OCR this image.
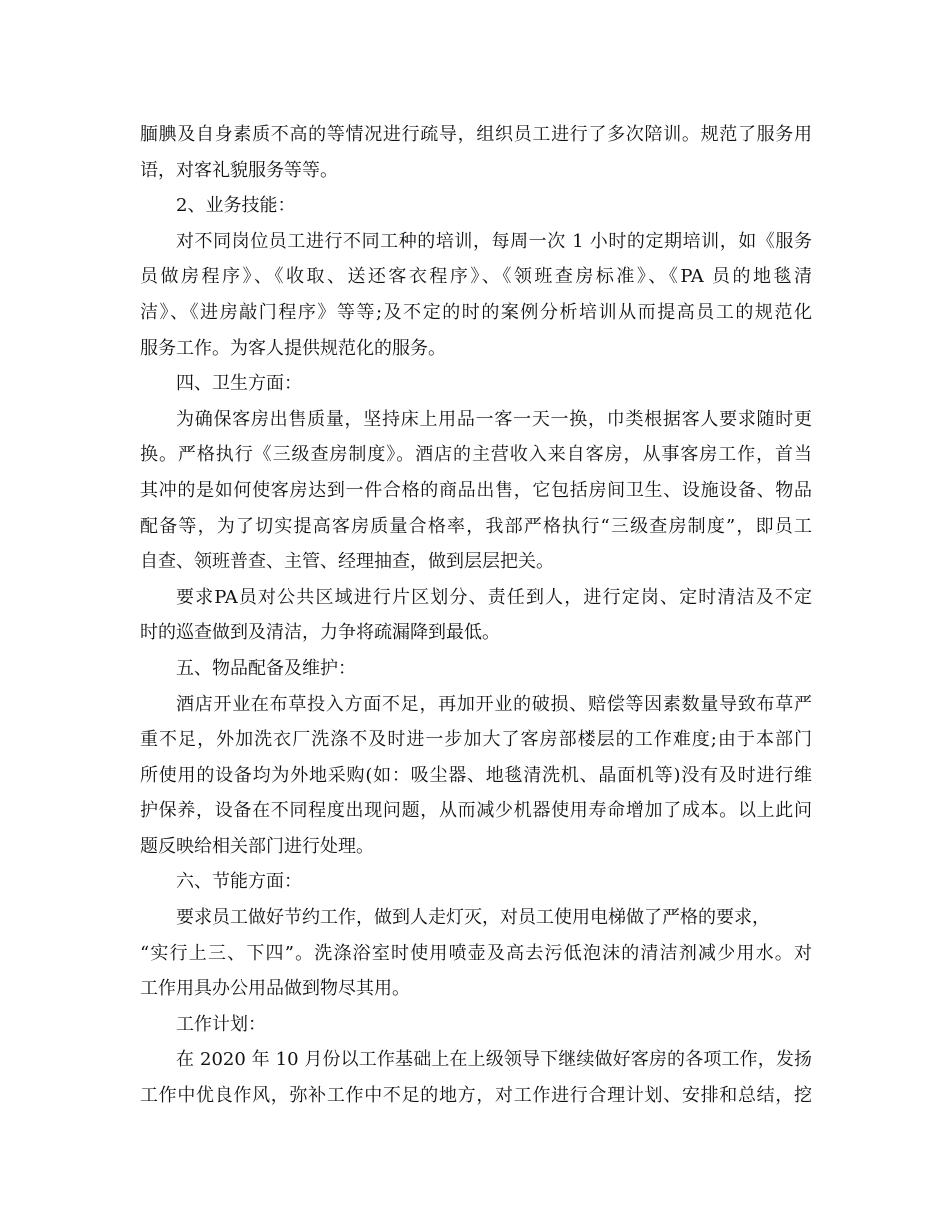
腼腆及自身素质不高的等情况进行疏导，组织员工进行了多次陪训。规范了服务用
语，对客礼貌服务等等。
2、业务技能：
对不同岗位员工进行不同工种的培训，每周一次 1 小时的定期培训，如《服务
员做房程序》、《收取、送还客衣程序》、《领班查房标准》、《PA 员的地毯清
洁》、《进房敲门程序》等等;及不定的时的案例分析培训从而提高员工的规范化
服务工作。为客人提供规范化的服务。
四、卫生方面：
为确保客房出售质量，坚持床上用品一客一天一换，巾类根据客人要求随时更
换。严格执行《三级查房制度》。酒店的主营收入来自客房，从事客房工作，首当
其冲的是如何使客房达到一件合格的商品出售，它包括房间卫生、设施设备、物品
配备等，为了切实提高客房质量合格率，我部严格执行“三级查房制度”，即员工
自查、领班普查、主管、经理抽查，做到层层把关。
要求PA员对公共区域进行片区划分、责任到人，进行定岗、定时清洁及不定
时的巡查做到及清洁，力争将疏漏降到最低。
五、物品配备及维护：
酒店开业在布草投入方面不足，再加开业的破损、赔偿等因素数量导致布草严
重不足，外加洗衣厂洗涤不及时进一步加大了客房部楼层的工作难度;由于本部门
所使用的设备均为外地采购(如：吸尘器、地毯清洗机、晶面机等)没有及时进行维
护保养，设备在不同程度出现问题，从而减少机器使用寿命增加了成本。以上此问
题反映给相关部门进行处理。
六、节能方面：
要求员工做好节约工作，做到人走灯灭，对员工使用电梯做了严格的要求，
“实行上三、下四”。洗涤浴室时使用喷壶及高去污低泡沫的清洁剂减少用水。对
工作用具办公用品做到物尽其用。
工作计划：
在 2020 年 10 月份以工作基础上在上级领导下继续做好客房的各项工作，发扬
工作中优良作风，弥补工作中不足的地方，对工作进行合理计划、安排和总结，挖
